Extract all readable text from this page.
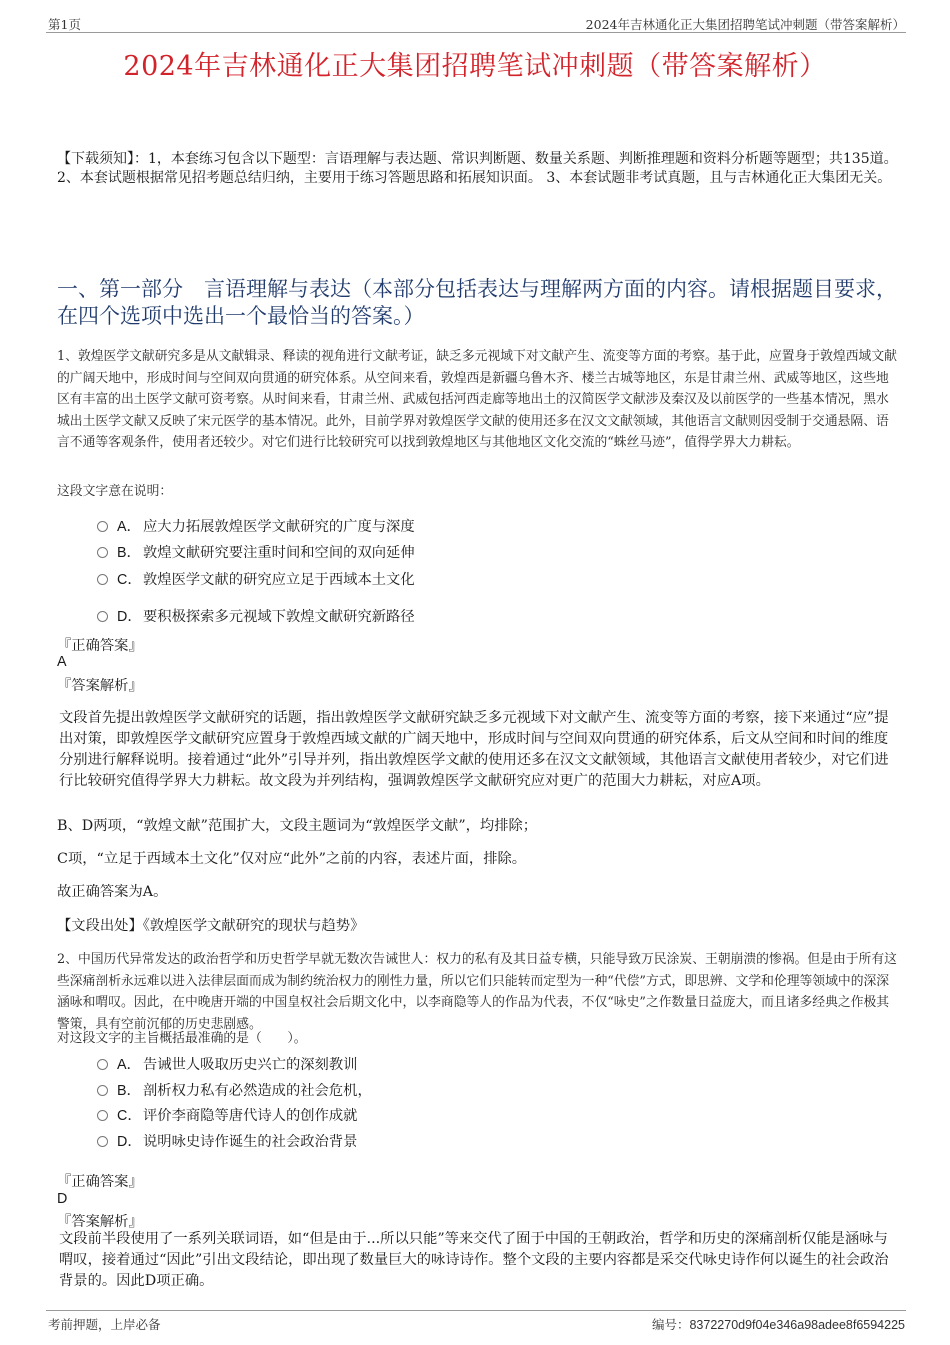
第1页	2024年吉林通化正大集团招聘笔试冲刺题（带答案解析）
2024年吉林通化正大集团招聘笔试冲刺题（带答案解析）
【下载须知】：1，本套练习包含以下题型：言语理解与表达题、常识判断题、数量关系题、判断推理题和资料分析题等题型；共135道。 2、本套试题根据常见招考题总结归纳，主要用于练习答题思路和拓展知识面。 3、本套试题非考试真题，且与吉林通化正大集团无关。
一、第一部分　言语理解与表达（本部分包括表达与理解两方面的内容。请根据题目要求，在四个选项中选出一个最恰当的答案。）
1、敦煌医学文献研究多是从文献辑录、释读的视角进行文献考证，缺乏多元视域下对文献产生、流变等方面的考察。基于此，应置身于敦煌西域文献的广阔天地中，形成时间与空间双向贯通的研究体系。从空间来看，敦煌西是新疆乌鲁木齐、楼兰古城等地区，东是甘肃兰州、武威等地区，这些地区有丰富的出土医学文献可资考察。从时间来看，甘肃兰州、武威包括河西走廊等地出土的汉简医学文献涉及秦汉及以前医学的一些基本情况，黑水城出土医学文献又反映了宋元医学的基本情况。此外，目前学界对敦煌医学文献的使用还多在汉文文献领域，其他语言文献则因受制于交通悬隔、语言不通等客观条件，使用者还较少。对它们进行比较研究可以找到敦煌地区与其他地区文化交流的“蛛丝马迹”，值得学界大力耕耘。
这段文字意在说明：
A． 应大力拓展敦煌医学文献研究的广度与深度
B． 敦煌文献研究要注重时间和空间的双向延伸
C．敦煌医学文献的研究应立足于西域本土文化
D．要积极探索多元视域下敦煌文献研究新路径
『正确答案』
A
『答案解析』
文段首先提出敦煌医学文献研究的话题，指出敦煌医学文献研究缺乏多元视域下对文献产生、流变等方面的考察，接下来通过“应”提出对策，即敦煌医学文献研究应置身于敦煌西域文献的广阔天地中，形成时间与空间双向贯通的研究体系，后文从空间和时间的维度分别进行解释说明。接着通过“此外”引导并列，指出敦煌医学文献的使用还多在汉文文献领域，其他语言文献使用者较少，对它们进行比较研究值得学界大力耕耘。故文段为并列结构，强调敦煌医学文献研究应对更广的范围大力耕耘，对应A项。
B、D两项，“敦煌文献”范围扩大，文段主题词为“敦煌医学文献”，均排除；
C项，“立足于西域本土文化”仅对应“此外”之前的内容，表述片面，排除。
故正确答案为A。
【文段出处】《敦煌医学文献研究的现状与趋势》
2、中国历代异常发达的政治哲学和历史哲学早就无数次告诫世人：权力的私有及其日益专横，只能导致万民涂炭、王朝崩溃的惨祸。但是由于所有这些深痛剖析永远难以进入法律层面而成为制约统治权力的刚性力量，所以它们只能转而定型为一种“代偿”方式，即思辨、文学和伦理等领域中的深深涵咏和喟叹。因此，在中晚唐开端的中国皇权社会后期文化中，以李商隐等人的作品为代表，不仅“咏史”之作数量日益庞大，而且诸多经典之作极其警策，具有空前沉郁的历史悲剧感。
对这段文字的主旨概括最准确的是（　　）。
A． 告诫世人吸取历史兴亡的深刻教训
B． 剖析权力私有必然造成的社会危机，
C．评价李商隐等唐代诗人的创作成就
D．说明咏史诗作诞生的社会政治背景
『正确答案』
D
『答案解析』
文段前半段使用了一系列关联词语，如“但是由于...所以只能”等来交代了囿于中国的王朝政治，哲学和历史的深痛剖析仅能是涵咏与喟叹，接着通过“因此”引出文段结论，即出现了数量巨大的咏诗诗作。整个文段的主要内容都是采交代咏史诗作何以诞生的社会政治背景的。因此D项正确。
考前押题，上岸必备	编号：8372270d9f04e346a98adee8f6594225
